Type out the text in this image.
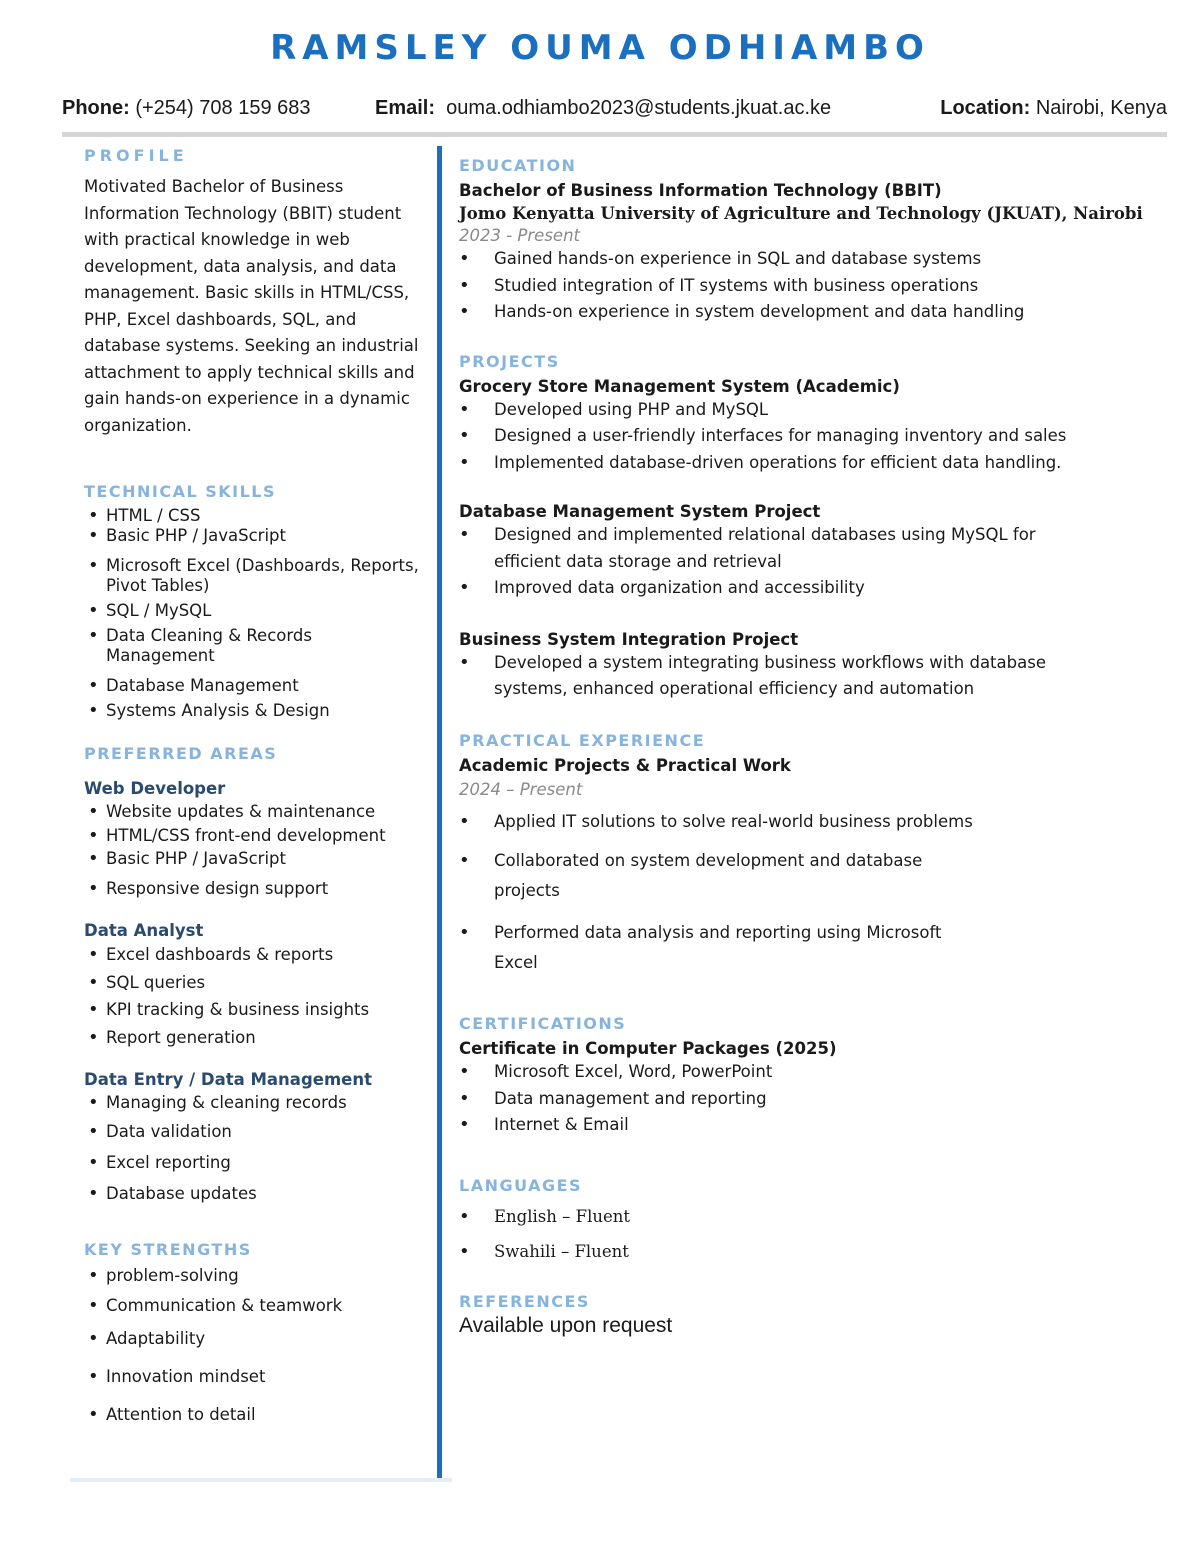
RAMSLEY OUMA ODHIAMBO
Phone: (+254) 708 159 683	Email: ouma.odhiambo2023@students.jkuat.ac.ke	Location: Nairobi, Kenya
PROFILE
Motivated Bachelor of Business Information Technology (BBIT) student with practical knowledge in web development, data analysis, and data management. Basic skills in HTML/CSS, PHP, Excel dashboards, SQL, and database systems. Seeking an industrial attachment to apply technical skills and gain hands-on experience in a dynamic organization.
TECHNICAL SKILLS
• HTML / CSS
• Basic PHP / JavaScript
• Microsoft Excel (Dashboards, Reports, Pivot Tables)
• SQL / MySQL
• Data Cleaning & Records Management
• Database Management
• Systems Analysis & Design
PREFERRED AREAS
Web Developer
• Website updates & maintenance
• HTML/CSS front-end development
• Basic PHP / JavaScript
• Responsive design support
Data Analyst
• Excel dashboards & reports
• SQL queries
• KPI tracking & business insights
• Report generation
Data Entry / Data Management
• Managing & cleaning records
• Data validation
• Excel reporting
• Database updates
KEY STRENGTHS
• problem-solving
• Communication & teamwork
• Adaptability
• Innovation mindset
• Attention to detail
EDUCATION
Bachelor of Business Information Technology (BBIT)
Jomo Kenyatta University of Agriculture and Technology (JKUAT), Nairobi
2023 - Present
• Gained hands-on experience in SQL and database systems
• Studied integration of IT systems with business operations
• Hands-on experience in system development and data handling
PROJECTS
Grocery Store Management System (Academic)
• Developed using PHP and MySQL
• Designed a user-friendly interfaces for managing inventory and sales
• Implemented database-driven operations for efficient data handling.
Database Management System Project
• Designed and implemented relational databases using MySQL for efficient data storage and retrieval
• Improved data organization and accessibility
Business System Integration Project
• Developed a system integrating business workflows with database systems, enhanced operational efficiency and automation
PRACTICAL EXPERIENCE
Academic Projects & Practical Work
2024 – Present
• Applied IT solutions to solve real-world business problems
• Collaborated on system development and database projects
• Performed data analysis and reporting using Microsoft Excel
CERTIFICATIONS
Certificate in Computer Packages (2025)
• Microsoft Excel, Word, PowerPoint
• Data management and reporting
• Internet & Email
LANGUAGES
• English – Fluent
• Swahili – Fluent
REFERENCES
Available upon request
